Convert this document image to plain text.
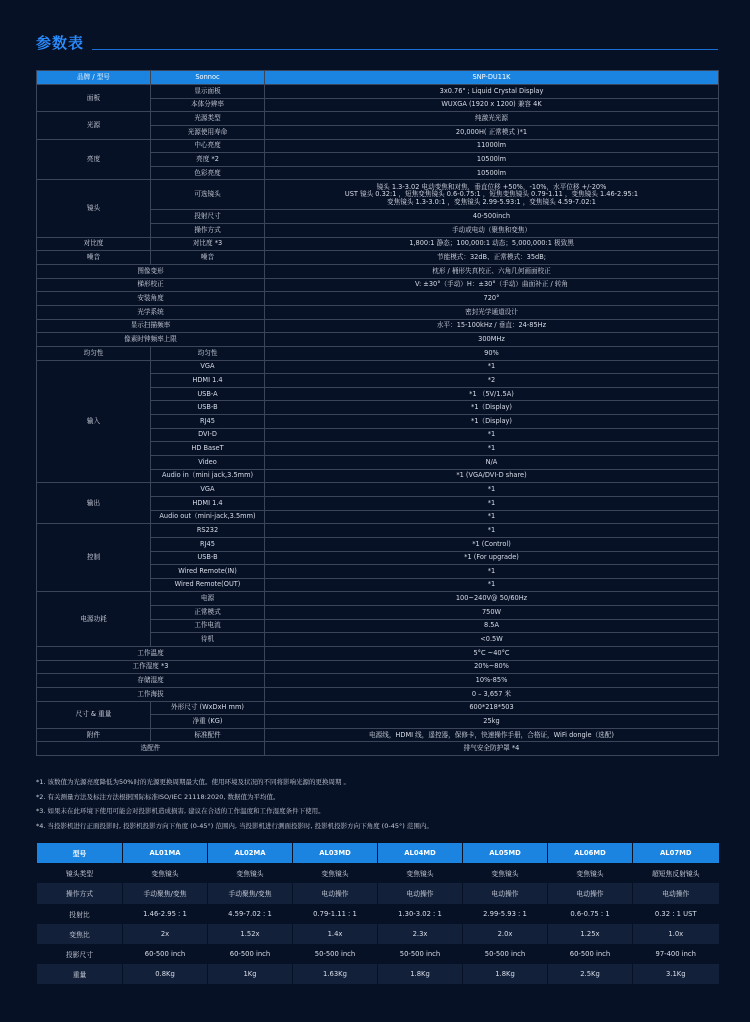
参数表
品牌 / 型号	Sonnoc	SNP-DU11K
面板	显示面板	3x0.76" ; Liquid Crystal Display
	本体分辨率	WUXGA (1920 x 1200) 兼容 4K
光源	光源类型	纯激光光源
	光源使用寿命	20,000H( 正常模式 )*1
亮度	中心亮度	11000lm
	亮度 *2	10500lm
	色彩亮度	10500lm
镜头	可选镜头	镜头 1.3-3.02 电动变焦和对焦，垂直位移 +50%，-10%，水平位移 +/-20%
UST 镜头 0.32:1 ，短焦变焦镜头 0.6-0.75:1 ，短焦变焦镜头 0.79-1.11 ，变焦镜头 1.46-2.95:1
变焦镜头 1.3-3.0:1 ，变焦镜头 2.99-5.93:1 ，变焦镜头 4.59-7.02:1

	投射尺寸	40-500inch
	操作方式	手动或电动（聚焦和变焦）
对比度	对比度 *3	1,800:1 静态；100,000:1 动态；5,000,000:1 极致黑
噪音	噪音	节能模式：32dB、正常模式：35dB;
图像变形		枕形 / 桶形失真校正、六角几何画面校正
梯形校正		V: ±30°（手动）H：±30°（手动）曲面补正 / 转角
安装角度		720°
光学系统		密封光学通道设计
显示扫描频率		水平：15-100kHz / 垂直：24-85Hz
像素时钟频率上限		300MHz
均匀性	均匀性	90%
输入	VGA	*1
	HDMI 1.4	*2
	USB-A	*1 （5V/1.5A)
	USB-B	*1（Display)
	RJ45	*1（Display)
	DVI-D	*1
	HD BaseT	*1
	Video	N/A
	Audio in（mini jack,3.5mm)	*1 (VGA/DVI-D share)
输出	VGA	*1
	HDMI 1.4	*1
	Audio out（mini-jack,3.5mm)	*1
控制	RS232	*1
	RJ45	*1 (Control)
	USB-B	*1 (For upgrade)
	Wired Remote(IN)	*1
	Wired Remote(OUT)	*1
电源功耗	电源	100~240V@ 50/60Hz
	正常模式	750W
	工作电流	8.5A
	待机	<0.5W
工作温度		5°C ~40°C
工作湿度 *3		20%~80%
存储湿度		10%-85%
工作海拔		0 – 3,657 米
尺寸 & 重量	外形尺寸 (WxDxH mm)	600*218*503
	净重 (KG)	25kg
附件	标准配件	电源线，HDMI 线，遥控器，保修卡，快速操作手册，合格证，WiFi dongle（选配)
选配件		排气安全防护罩 *4
*1. 该数值为光源亮度降低为50%时的光源更换周期最大值。使用环境及状况的不同将影响光源的更换周期 。
*2. 有关测量方法及标注方法根据国际标准ISO/IEC 21118:2020, 数据值为平均值。
*3. 如果未在此环境下使用可能会对投影机造成损害, 建议在合适的工作温度和工作湿度条件下使用。
*4. 当投影机进行正面投影时, 投影机投影方向下角度 (0-45°) 范围内, 当投影机进行测面投影时, 投影机投影方向下角度 (0-45°) 范围内。
型号	AL01MA	AL02MA	AL03MD	AL04MD	AL05MD	AL06MD	AL07MD
镜头类型	变焦镜头	变焦镜头	变焦镜头	变焦镜头	变焦镜头	变焦镜头	超短焦反射镜头
操作方式	手动聚焦/变焦	手动聚焦/变焦	电动操作	电动操作	电动操作	电动操作	电动操作
投射比	1.46-2.95 : 1	4.59-7.02 : 1	0.79-1.11 : 1	1.30-3.02 : 1	2.99-5.93 : 1	0.6-0.75 : 1	0.32 : 1 UST
变焦比	2x	1.52x	1.4x	2.3x	2.0x	1.25x	1.0x
投影尺寸	60-500 inch	60-500 inch	50-500 inch	50-500 inch	50-500 inch	60-500 inch	97-400 inch
重量	0.8Kg	1Kg	1.63Kg	1.8Kg	1.8Kg	2.5Kg	3.1Kg
